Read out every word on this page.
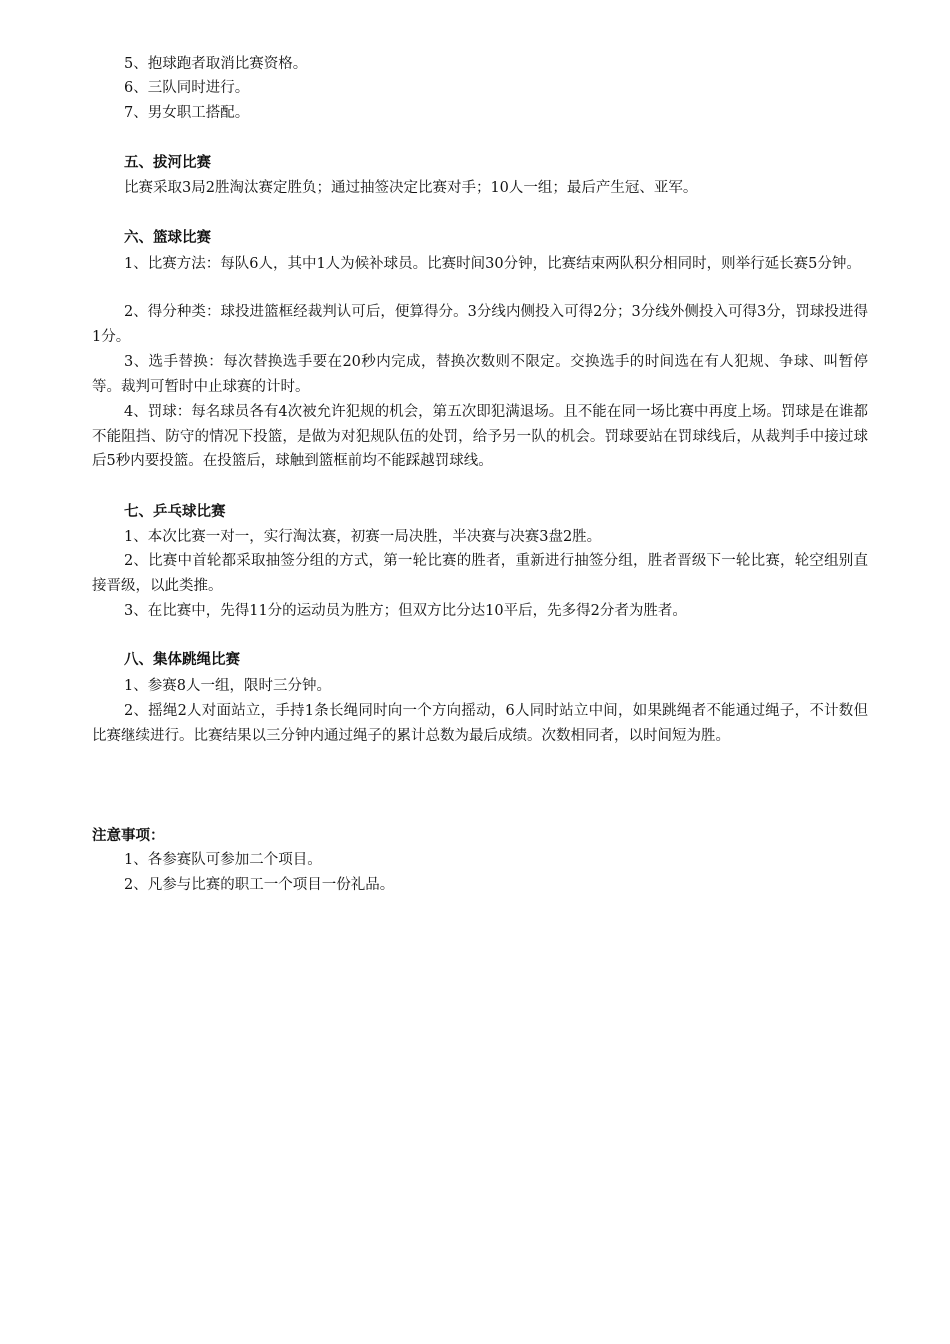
5、抱球跑者取消比赛资格。
6、三队同时进行。
7、男女职工搭配。
五、拔河比赛
比赛采取3局2胜淘汰赛定胜负；通过抽签决定比赛对手；10人一组；最后产生冠、亚军。
六、篮球比赛
1、比赛方法：每队6人，其中1人为候补球员。比赛时间30分钟，比赛结束两队积分相同时，则举行延长赛5分钟。
2、得分种类：球投进篮框经裁判认可后，便算得分。3分线内侧投入可得2分；3分线外侧投入可得3分，罚球投进得1分。
3、选手替换：每次替换选手要在20秒内完成，替换次数则不限定。交换选手的时间选在有人犯规、争球、叫暂停等。裁判可暂时中止球赛的计时。
4、罚球：每名球员各有4次被允许犯规的机会，第五次即犯满退场。且不能在同一场比赛中再度上场。罚球是在谁都不能阻挡、防守的情况下投篮，是做为对犯规队伍的处罚，给予另一队的机会。罚球要站在罚球线后，从裁判手中接过球后5秒内要投篮。在投篮后，球触到篮框前均不能踩越罚球线。
七、乒乓球比赛
1、本次比赛一对一，实行淘汰赛，初赛一局决胜，半决赛与决赛3盘2胜。
2、比赛中首轮都采取抽签分组的方式，第一轮比赛的胜者，重新进行抽签分组，胜者晋级下一轮比赛，轮空组别直接晋级，以此类推。
3、在比赛中，先得11分的运动员为胜方；但双方比分达10平后，先多得2分者为胜者。
八、集体跳绳比赛
1、参赛8人一组，限时三分钟。
2、摇绳2人对面站立，手持1条长绳同时向一个方向摇动，6人同时站立中间，如果跳绳者不能通过绳子，不计数但比赛继续进行。比赛结果以三分钟内通过绳子的累计总数为最后成绩。次数相同者，以时间短为胜。
注意事项：
1、各参赛队可参加二个项目。
2、凡参与比赛的职工一个项目一份礼品。
